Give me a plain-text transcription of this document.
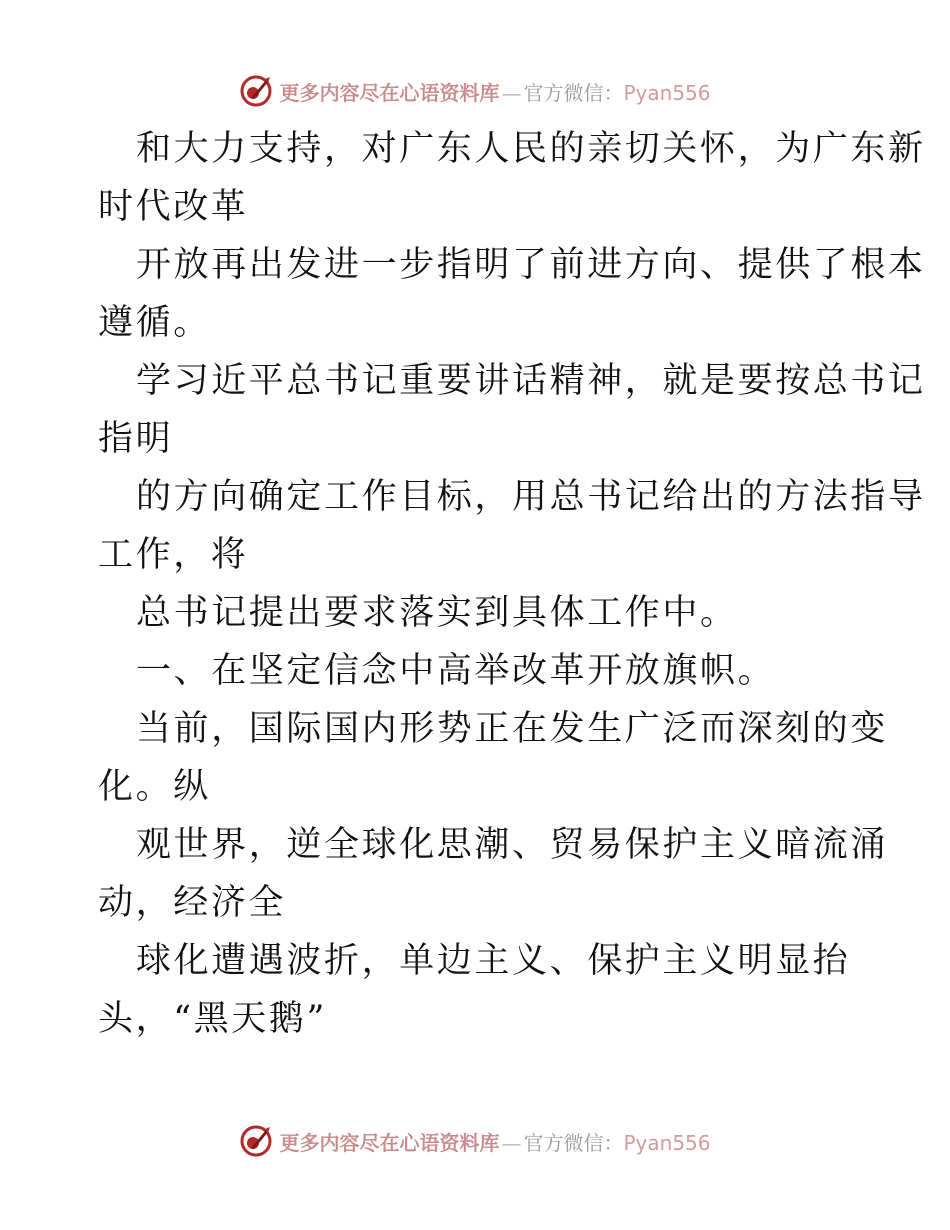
更多内容尽在心语资料库 — 官方微信：Pyan556
和大力支持，对广东人民的亲切关怀，为广东新
时代改革
开放再出发进一步指明了前进方向、提供了根本
遵循。
学习近平总书记重要讲话精神，就是要按总书记
指明
的方向确定工作目标，用总书记给出的方法指导
工作，将
总书记提出要求落实到具体工作中。
一、在坚定信念中高举改革开放旗帜。
当前，国际国内形势正在发生广泛而深刻的变
化。纵
观世界，逆全球化思潮、贸易保护主义暗流涌
动，经济全
球化遭遇波折，单边主义、保护主义明显抬
头，“黑天鹅”
更多内容尽在心语资料库 — 官方微信：Pyan556
